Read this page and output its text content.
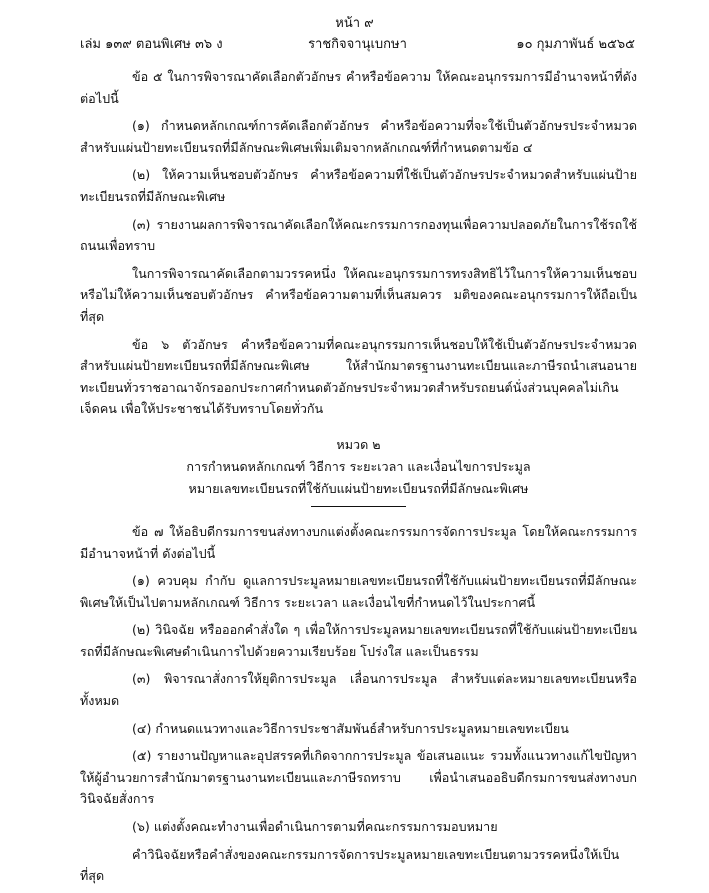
หน้า ๙
เล่ม ๑๓๙ ตอนพิเศษ ๓๖ ง	ราชกิจจานุเบกษา	๑๐ กุมภาพันธ์ ๒๕๖๕

ข้อ ๕ ในการพิจารณาคัดเลือกตัวอักษร คำหรือข้อความ ให้คณะอนุกรรมการมีอำนาจหน้าที่ดังต่อไปนี้

(๑) กำหนดหลักเกณฑ์การคัดเลือกตัวอักษร คำหรือข้อความที่จะใช้เป็นตัวอักษรประจำหมวดสำหรับแผ่นป้ายทะเบียนรถที่มีลักษณะพิเศษเพิ่มเติมจากหลักเกณฑ์ที่กำหนดตามข้อ ๔

(๒) ให้ความเห็นชอบตัวอักษร คำหรือข้อความที่ใช้เป็นตัวอักษรประจำหมวดสำหรับแผ่นป้ายทะเบียนรถที่มีลักษณะพิเศษ

(๓) รายงานผลการพิจารณาคัดเลือกให้คณะกรรมการกองทุนเพื่อความปลอดภัยในการใช้รถใช้ถนนเพื่อทราบ

ในการพิจารณาคัดเลือกตามวรรคหนึ่ง ให้คณะอนุกรรมการทรงสิทธิไว้ในการให้ความเห็นชอบหรือไม่ให้ความเห็นชอบตัวอักษร คำหรือข้อความตามที่เห็นสมควร มติของคณะอนุกรรมการให้ถือเป็นที่สุด

ข้อ ๖ ตัวอักษร คำหรือข้อความที่คณะอนุกรรมการเห็นชอบให้ใช้เป็นตัวอักษรประจำหมวดสำหรับแผ่นป้ายทะเบียนรถที่มีลักษณะพิเศษ ให้สำนักมาตรฐานงานทะเบียนและภาษีรถนำเสนอนายทะเบียนทั่วราชอาณาจักรออกประกาศกำหนดตัวอักษรประจำหมวดสำหรับรถยนต์นั่งส่วนบุคคลไม่เกินเจ็ดคน เพื่อให้ประชาชนได้รับทราบโดยทั่วกัน

หมวด ๒
การกำหนดหลักเกณฑ์ วิธีการ ระยะเวลา และเงื่อนไขการประมูล
หมายเลขทะเบียนรถที่ใช้กับแผ่นป้ายทะเบียนรถที่มีลักษณะพิเศษ

ข้อ ๗ ให้อธิบดีกรมการขนส่งทางบกแต่งตั้งคณะกรรมการจัดการประมูล โดยให้คณะกรรมการมีอำนาจหน้าที่ ดังต่อไปนี้

(๑) ควบคุม กำกับ ดูแลการประมูลหมายเลขทะเบียนรถที่ใช้กับแผ่นป้ายทะเบียนรถที่มีลักษณะพิเศษให้เป็นไปตามหลักเกณฑ์ วิธีการ ระยะเวลา และเงื่อนไขที่กำหนดไว้ในประกาศนี้

(๒) วินิจฉัย หรือออกคำสั่งใด ๆ เพื่อให้การประมูลหมายเลขทะเบียนรถที่ใช้กับแผ่นป้ายทะเบียนรถที่มีลักษณะพิเศษดำเนินการไปด้วยความเรียบร้อย โปร่งใส และเป็นธรรม

(๓) พิจารณาสั่งการให้ยุติการประมูล เลื่อนการประมูล สำหรับแต่ละหมายเลขทะเบียนหรือทั้งหมด

(๔) กำหนดแนวทางและวิธีการประชาสัมพันธ์สำหรับการประมูลหมายเลขทะเบียน

(๕) รายงานปัญหาและอุปสรรคที่เกิดจากการประมูล ข้อเสนอแนะ รวมทั้งแนวทางแก้ไขปัญหาให้ผู้อำนวยการสำนักมาตรฐานงานทะเบียนและภาษีรถทราบ เพื่อนำเสนออธิบดีกรมการขนส่งทางบกวินิจฉัยสั่งการ

(๖) แต่งตั้งคณะทำงานเพื่อดำเนินการตามที่คณะกรรมการมอบหมาย

คำวินิจฉัยหรือคำสั่งของคณะกรรมการจัดการประมูลหมายเลขทะเบียนตามวรรคหนึ่งให้เป็นที่สุด
